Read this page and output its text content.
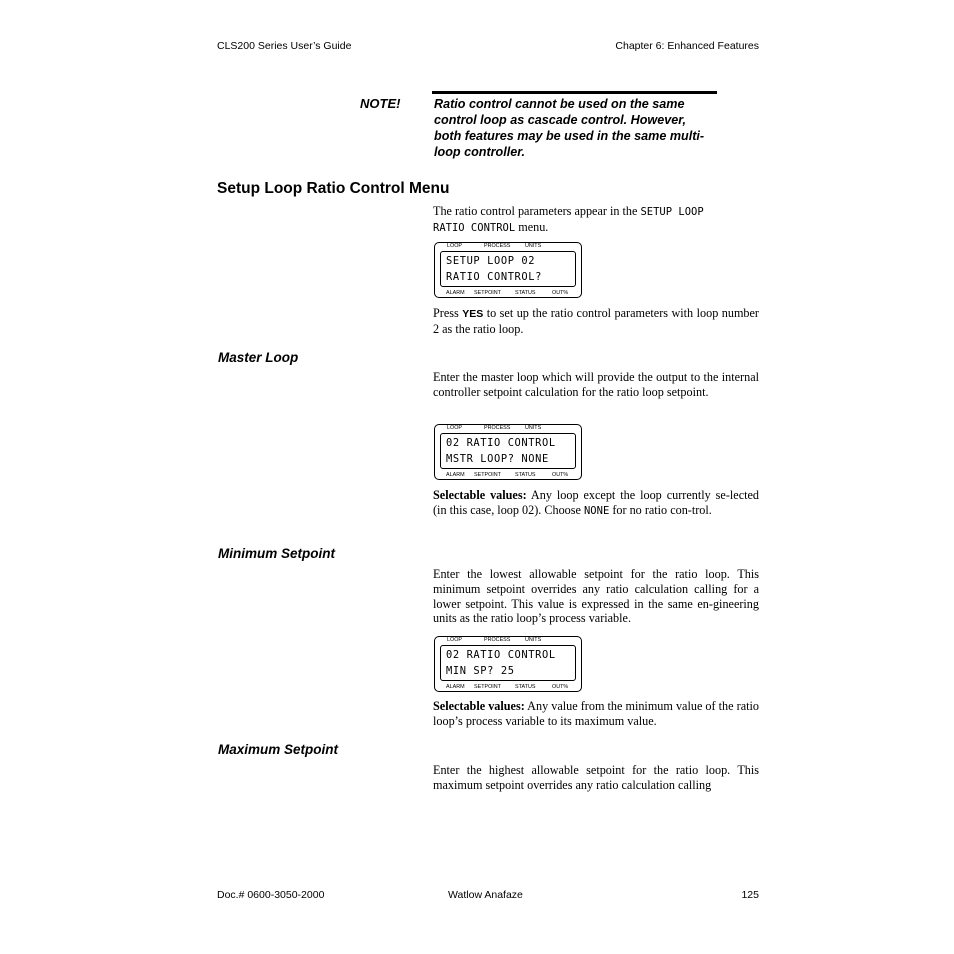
CLS200 Series User’s Guide	Chapter 6: Enhanced Features
NOTE!	Ratio control cannot be used on the same
control loop as cascade control. However,
both features may be used in the same multi-
loop controller.
Setup Loop Ratio Control Menu
The ratio control parameters appear in the SETUP LOOP
RATIO CONTROL menu.
LOOP	PROCESS	UNITS
SETUP LOOP 02
RATIO CONTROL?
ALARM SETPOINT	STATUS	OUT%
Press YES to set up the ratio control parameters with loop number 2 as the ratio loop.
Master Loop
Enter the master loop which will provide the output to the internal controller setpoint calculation for the ratio loop setpoint.
LOOP	PROCESS	UNITS
02 RATIO CONTROL
MSTR LOOP? NONE
ALARM SETPOINT	STATUS	OUT%
Selectable values: Any loop except the loop currently se-lected (in this case, loop 02). Choose NONE for no ratio con-trol.
Minimum Setpoint
Enter the lowest allowable setpoint for the ratio loop. This minimum setpoint overrides any ratio calculation calling for a lower setpoint. This value is expressed in the same en-gineering units as the ratio loop’s process variable.
LOOP	PROCESS	UNITS
02 RATIO CONTROL
MIN SP? 25
ALARM SETPOINT	STATUS	OUT%
Selectable values: Any value from the minimum value of the ratio loop’s process variable to its maximum value.
Maximum Setpoint
Enter the highest allowable setpoint for the ratio loop. This maximum setpoint overrides any ratio calculation calling
Doc.# 0600-3050-2000	Watlow Anafaze	125
